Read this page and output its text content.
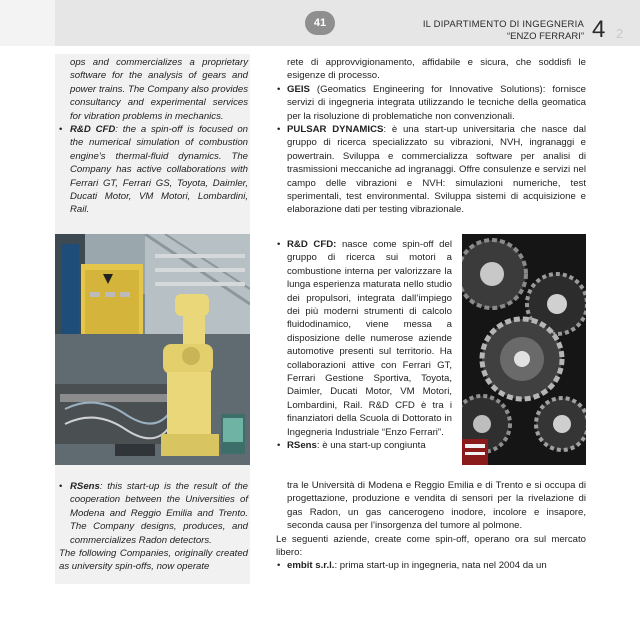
41	IL DIPARTIMENTO DI INGEGNERIA
“ENZO FERRARI” 4 2

ops and commercializes a proprietary software for the analysis of gears and power trains. The Company also provides consultancy and experimental services for vibration problems in mechanics.

• R&D CFD: the a spin-off is focused on the numerical simulation of combustion engine’s thermal-fluid dynamics. The Company has active collaborations with Ferrari GT, Ferrari GS, Toyota, Daimler, Ducati Motor, VM Motori, Lombardini, Rail.

• RSens: this start-up is the result of the cooperation between the Universities of Modena and Reggio Emilia and Trento. The Company designs, produces, and commercializes Radon detectors.

The following Companies, originally created as university spin-offs, now operate

rete di approvvigionamento, affidabile e sicura, che soddisfi le esigenze di processo.

• GEIS (Geomatics Engineering for Innovative Solutions): fornisce servizi di ingegneria integrata utilizzando le tecniche della geomatica per la risoluzione di problematiche non convenzionali.

• PULSAR DYNAMICS: è una start-up universitaria che nasce dal gruppo di ricerca specializzato su vibrazioni, NVH, ingranaggi e powertrain. Sviluppa e commercializza software per analisi di trasmissioni meccaniche ad ingranaggi. Offre consulenze e servizi nel campo delle vibrazioni e NVH: simulazioni numeriche, test sperimentali, test environmental. Sviluppa sistemi di acquisizione e elaborazione dati per testing vibrazionale.

• R&D CFD: nasce come spin-off del gruppo di ricerca sui motori a combustione interna per valorizzare la lunga esperienza maturata nello studio dei propulsori, integrata dall’impiego dei più moderni strumenti di calcolo fluidodinamico, viene messa a disposizione delle numerose aziende automotive presenti sul territorio. Ha collaborazioni attive con Ferrari GT, Ferrari Gestione Sportiva, Toyota, Daimler, Ducati Motor, VM Motori, Lombardini, Rail. R&D CFD è tra i finanziatori della Scuola di Dottorato in Ingegneria Industriale “Enzo Ferrari”.

• RSens: è una start-up congiunta

tra le Università di Modena e Reggio Emilia e di Trento e si occupa di progettazione, produzione e vendita di sensori per la rivelazione di gas Radon, un gas cancerogeno inodore, incolore e insapore, seconda causa per l’insorgenza del tumore al polmone.

Le seguenti aziende, create come spin-off, operano ora sul mercato libero:

• embit s.r.l.: prima start-up in ingegneria, nata nel 2004 da un
